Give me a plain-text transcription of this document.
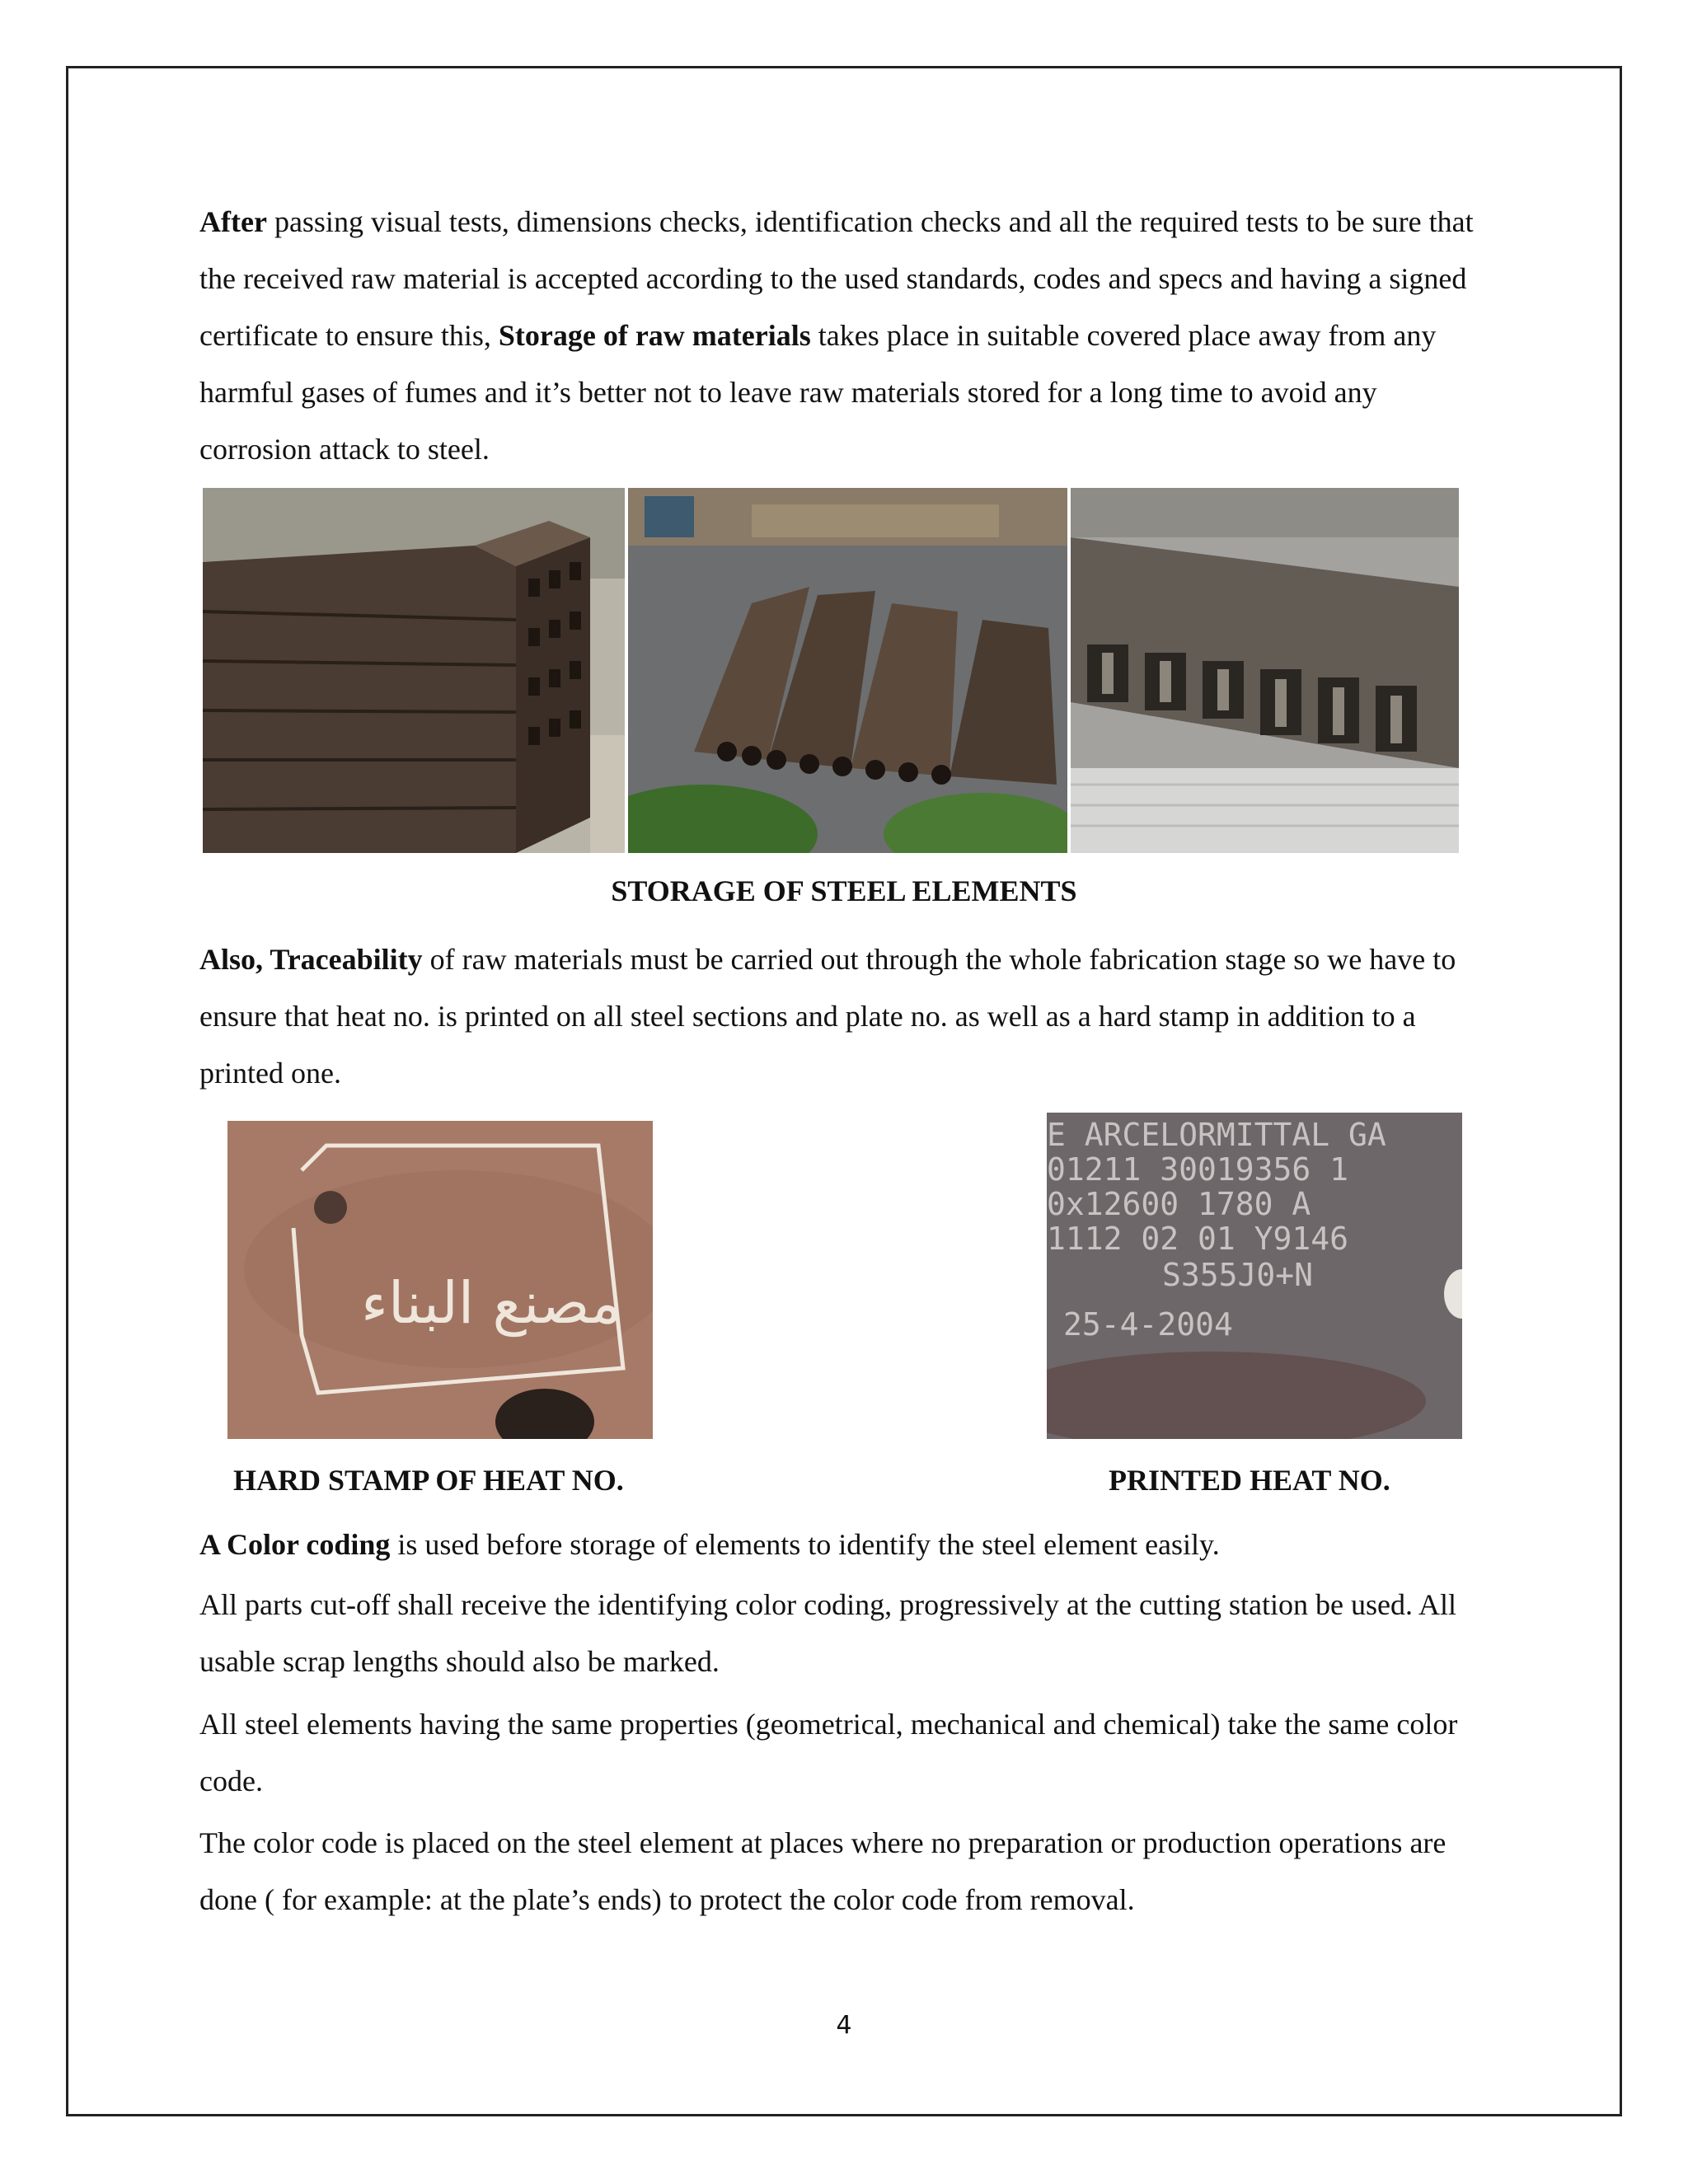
After passing visual tests, dimensions checks, identification checks and all the required tests to be sure that the received raw material is accepted according to the used standards, codes and specs and having a signed certificate to ensure this, Storage of raw materials takes place in suitable covered place away from any harmful gases of fumes and it’s better not to leave raw materials stored for a long time to avoid any corrosion attack to steel.

STORAGE OF STEEL ELEMENTS

Also, Traceability of raw materials must be carried out through the whole fabrication stage so we have to ensure that heat no. is printed on all steel sections and plate no. as well as a hard stamp in addition to a printed one.

مصنع البناء
E ARCELORMITTAL GA
01211 30019356 1
0x12600 1780 A
1112 02 01 Y9146
S355J0+N
25-4-2004

HARD STAMP OF HEAT NO.	PRINTED HEAT NO.

A Color coding is used before storage of elements to identify the steel element easily.

All parts cut-off shall receive the identifying color coding, progressively at the cutting station be used. All usable scrap lengths should also be marked.

All steel elements having the same properties (geometrical, mechanical and chemical) take the same color code.

The color code is placed on the steel element at places where no preparation or production operations are done ( for example: at the plate’s ends) to protect the color code from removal.

4
